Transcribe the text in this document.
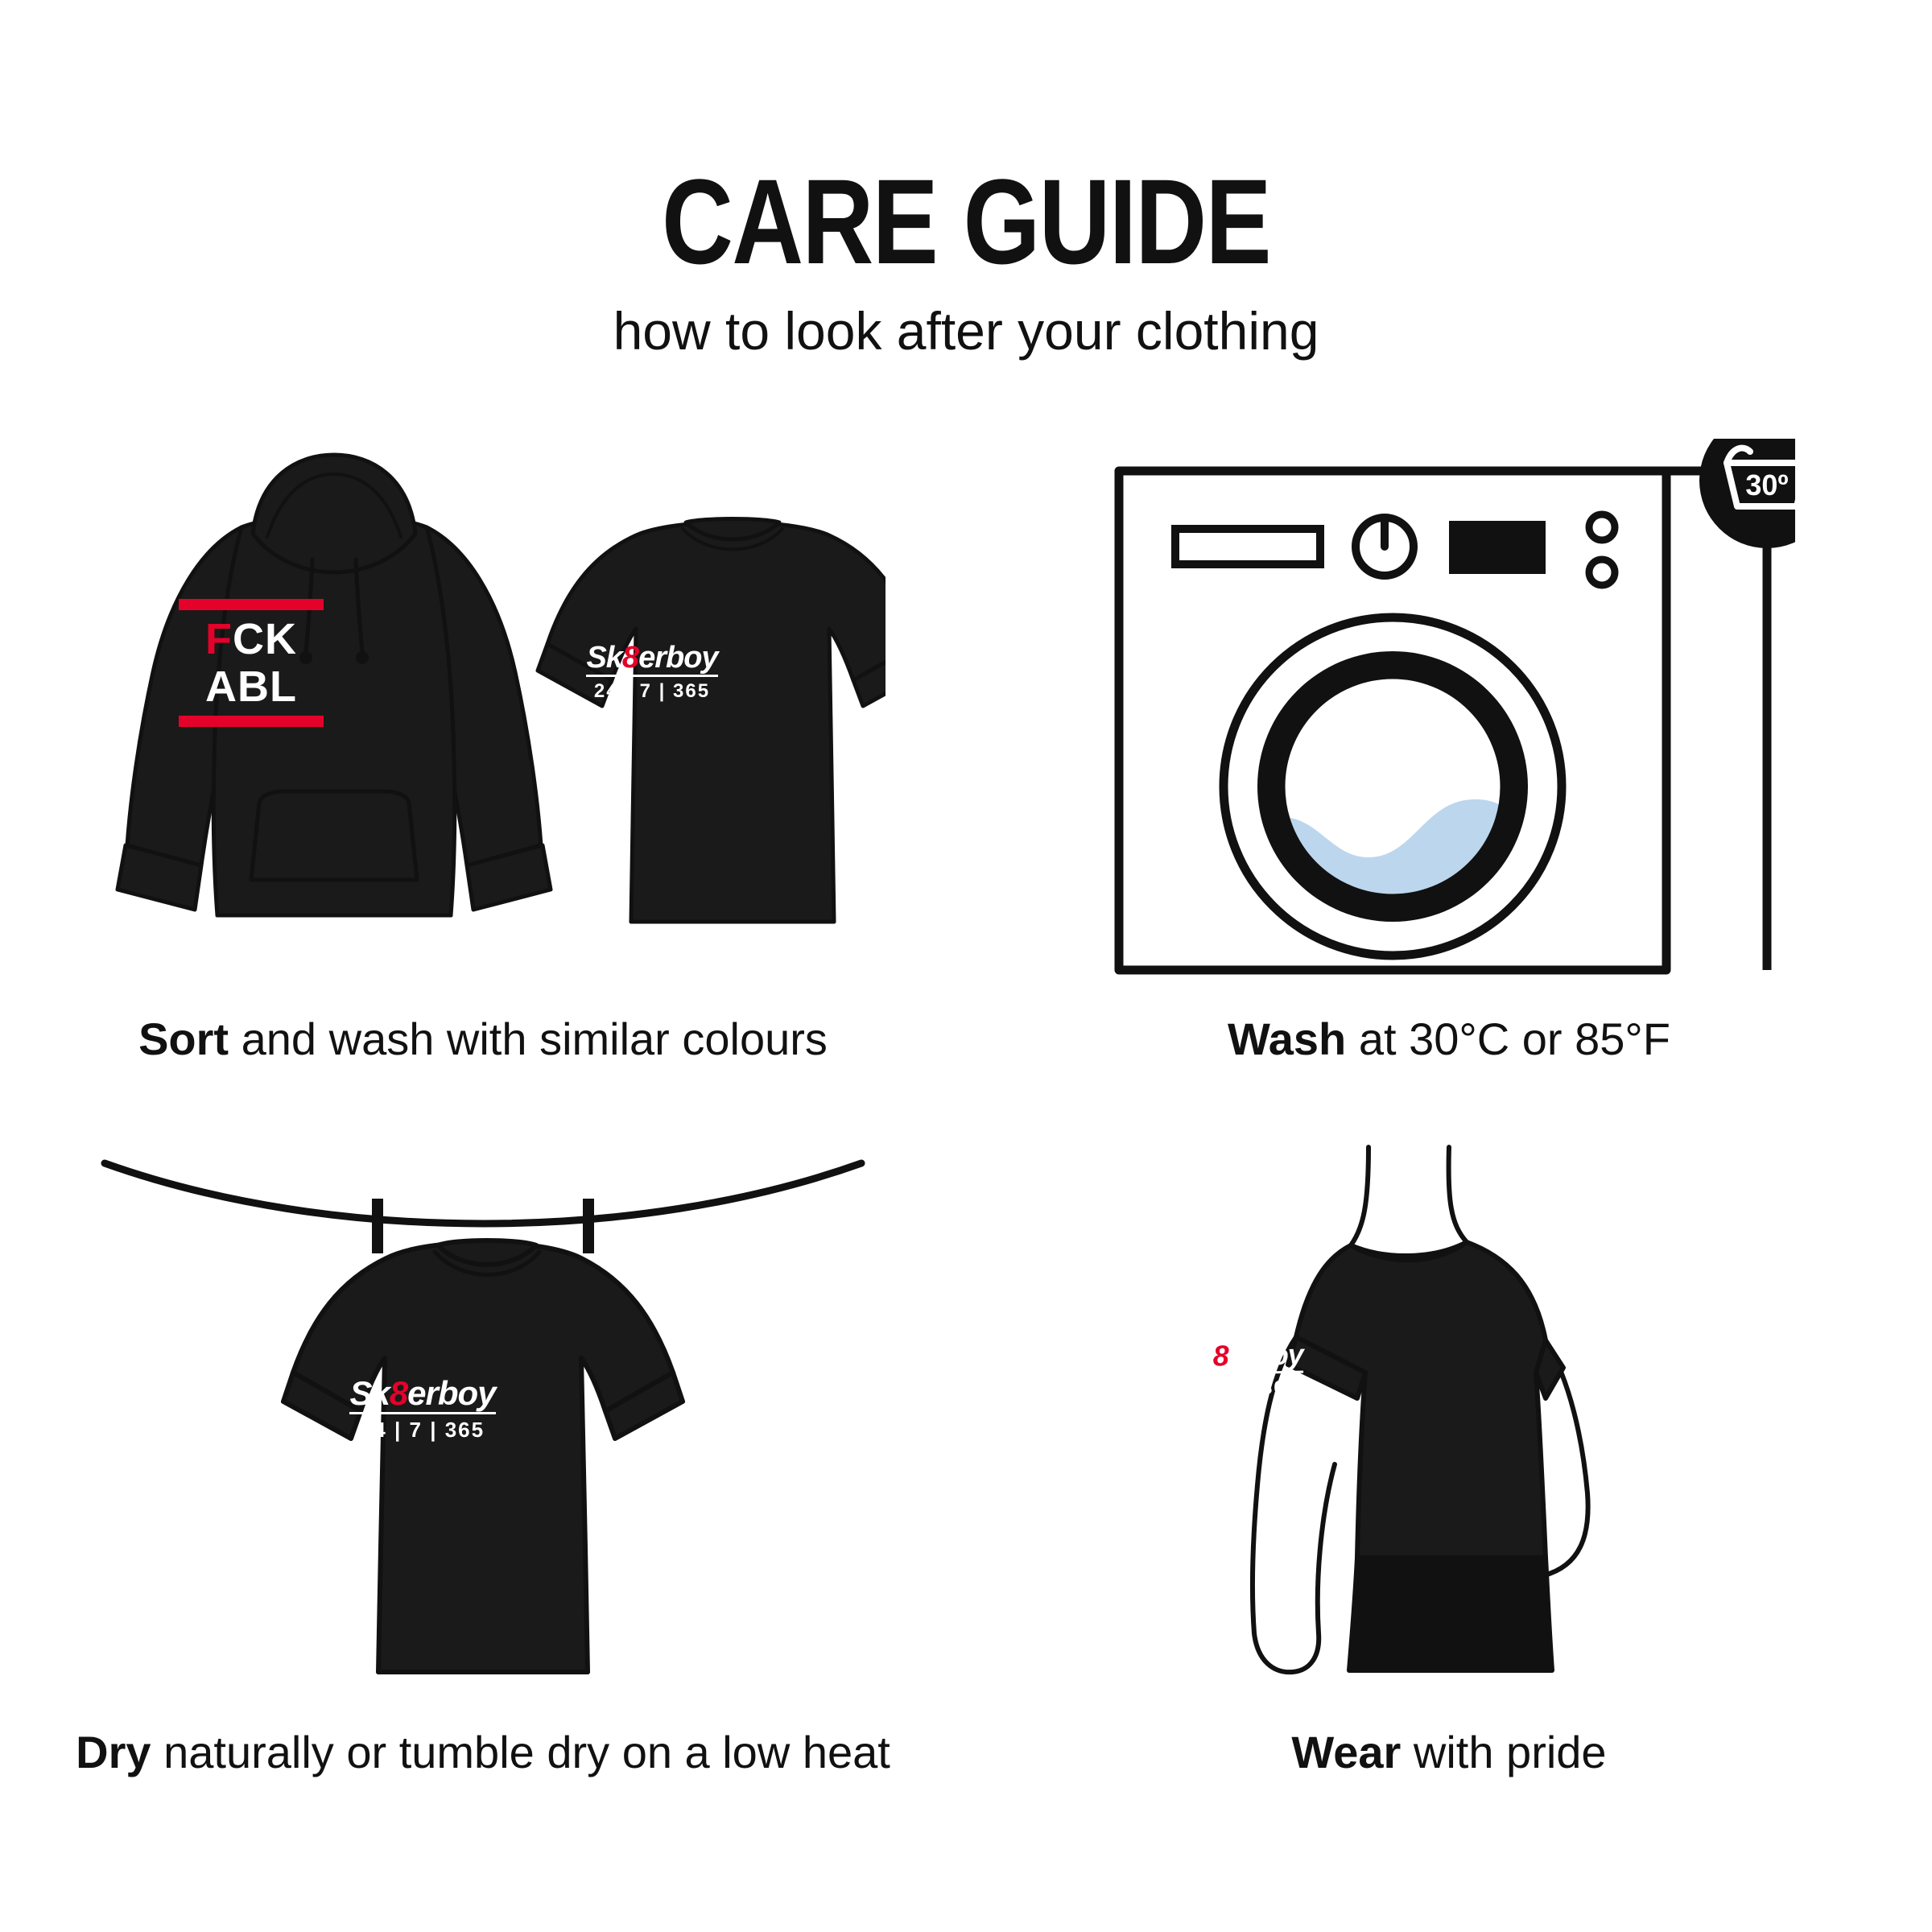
CARE GUIDE

how to look after your clothing

FCK
ABL
erboy
Sk8erboy
24 | 7 | 365
Sort and wash with similar colours
30º
Wash at 30°C or 85°F
Sk8erboy
24 | 7 | 365
Dry naturally or tumble dry on a low heat
Sk8erboy
24 | 7 | 365
Wear with pride
